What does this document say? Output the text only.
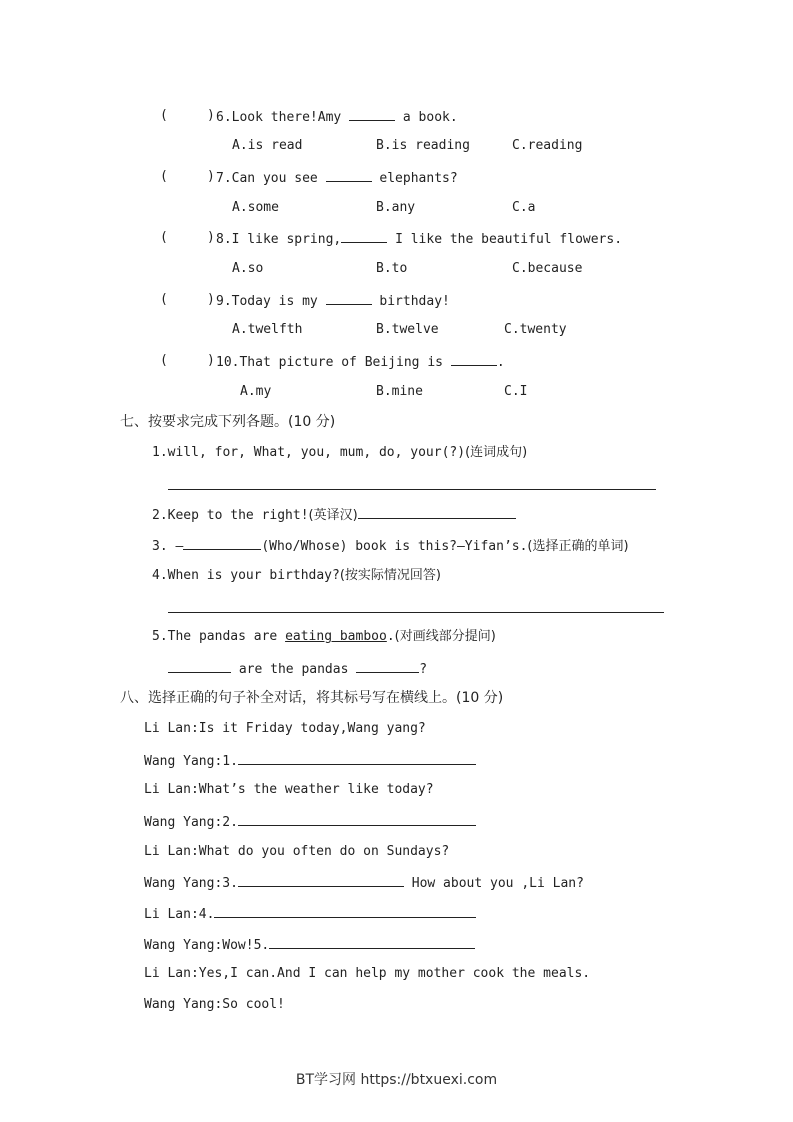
(     ) 6.Look there!Amy	a book.
A.is read	B.is reading	C.reading
(     ) 7.Can you see	elephants?
A.some	B.any	C.a
(     ) 8.I like spring,	I like the beautiful flowers.
A.so	B.to	C.because
(     ) 9.Today is my	birthday!
A.twelfth	B.twelve	C.twenty
(     ) 10.That picture of Beijing is	.
A.my	B.mine	C.I
七、按要求完成下列各题。(10 分)
1.will, for, What, you, mum, do, your(?)(连词成句)
2.Keep to the right!(英译汉)
3. —	(Who/Whose) book is this?—Yifan’s.(选择正确的单词)
4.When is your birthday?(按实际情况回答)
5.The pandas are eating bamboo.(对画线部分提问)
are the pandas	?
八、选择正确的句子补全对话，将其标号写在横线上。(10 分)
Li Lan:Is it Friday today,Wang yang?
Wang Yang:1.
Li Lan:What’s the weather like today?
Wang Yang:2.
Li Lan:What do you often do on Sundays?
Wang Yang:3.	How about you ,Li Lan?
Li Lan:4.
Wang Yang:Wow!5.
Li Lan:Yes,I can.And I can help my mother cook the meals.
Wang Yang:So cool!
BT学习网 https://btxuexi.com
